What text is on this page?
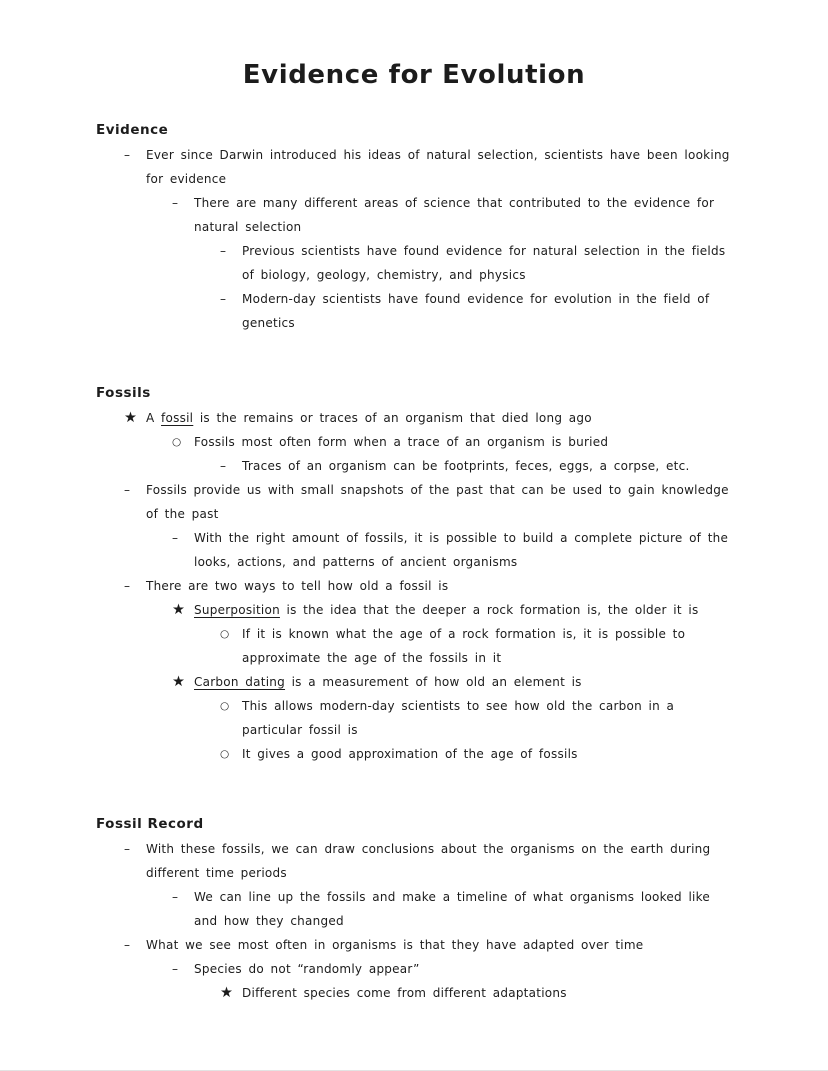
Evidence for Evolution
Evidence
–	Ever since Darwin introduced his ideas of natural selection, scientists have been looking for evidence
–	There are many different areas of science that contributed to the evidence for natural selection
–	Previous scientists have found evidence for natural selection in the fields of biology, geology, chemistry, and physics
–	Modern-day scientists have found evidence for evolution in the field of genetics
Fossils
★ A fossil is the remains or traces of an organism that died long ago
○	Fossils most often form when a trace of an organism is buried
–	Traces of an organism can be footprints, feces, eggs, a corpse, etc.
–	Fossils provide us with small snapshots of the past that can be used to gain knowledge of the past
–	With the right amount of fossils, it is possible to build a complete picture of the looks, actions, and patterns of ancient organisms
–	There are two ways to tell how old a fossil is
★ Superposition is the idea that the deeper a rock formation is, the older it is
○	If it is known what the age of a rock formation is, it is possible to approximate the age of the fossils in it
★ Carbon dating is a measurement of how old an element is
○	This allows modern-day scientists to see how old the carbon in a particular fossil is
○	It gives a good approximation of the age of fossils
Fossil Record
–	With these fossils, we can draw conclusions about the organisms on the earth during different time periods
–	We can line up the fossils and make a timeline of what organisms looked like and how they changed
–	What we see most often in organisms is that they have adapted over time
–	Species do not “randomly appear”
★ Different species come from different adaptations
